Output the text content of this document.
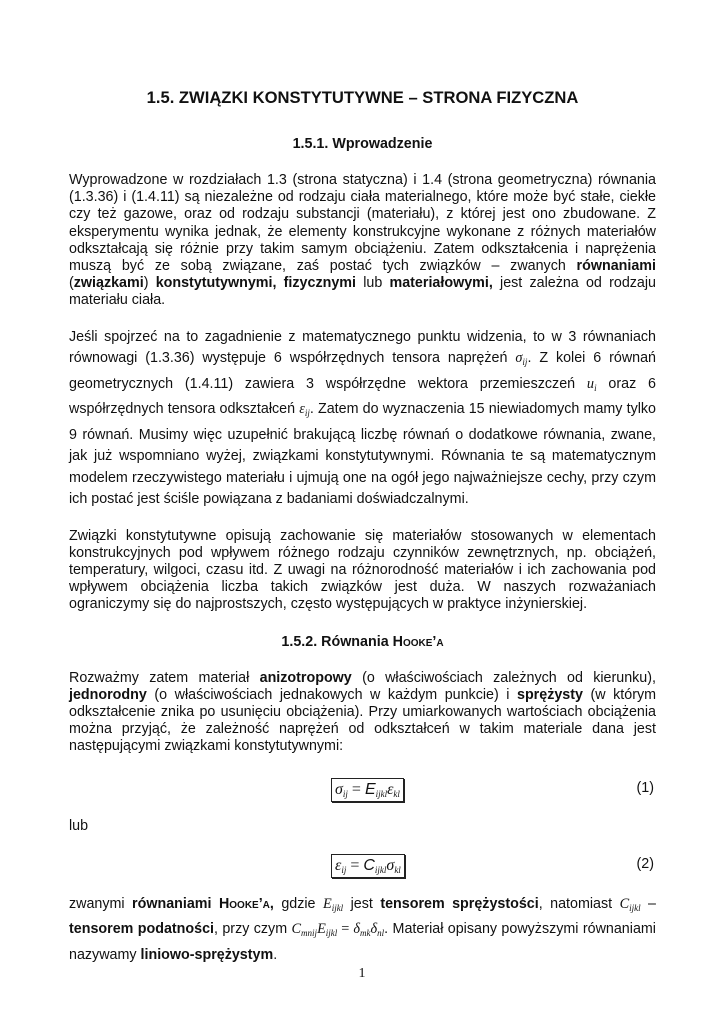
1.5. ZWIĄZKI KONSTYTUTYWNE – STRONA FIZYCZNA
1.5.1. Wprowadzenie

Wyprowadzone w rozdziałach 1.3 (strona statyczna) i 1.4 (strona geometryczna) równania (1.3.36) i (1.4.11) są niezależne od rodzaju ciała materialnego, które może być stałe, ciekłe czy też gazowe, oraz od rodzaju substancji (materiału), z której jest ono zbudowane. Z eksperymentu wynika jednak, że elementy konstrukcyjne wykonane z różnych materiałów odkształcają się różnie przy takim samym obciążeniu. Zatem odkształcenia i naprężenia muszą być ze sobą związane, zaś postać tych związków – zwanych równaniami (związkami) konstytutywnymi, fizycznymi lub materiałowymi, jest zależna od rodzaju materiału ciała.

Jeśli spojrzeć na to zagadnienie z matematycznego punktu widzenia, to w 3 równaniach równowagi (1.3.36) występuje 6 współrzędnych tensora naprężeń $\sigma_{ij}$. Z kolei 6 równań geometrycznych (1.4.11) zawiera 3 współrzędne wektora przemieszczeń $u_i$ oraz 6 współrzędnych tensora odkształceń $\varepsilon_{ij}$. Zatem do wyznaczenia 15 niewiadomych mamy tylko 9 równań. Musimy więc uzupełnić brakującą liczbę równań o dodatkowe równania, zwane, jak już wspomniano wyżej, związkami konstytutywnymi. Równania te są matematycznym modelem rzeczywistego materiału i ujmują one na ogół jego najważniejsze cechy, przy czym ich postać jest ściśle powiązana z badaniami doświadczalnymi.

Związki konstytutywne opisują zachowanie się materiałów stosowanych w elementach konstrukcyjnych pod wpływem różnego rodzaju czynników zewnętrznych, np. obciążeń, temperatury, wilgoci, czasu itd. Z uwagi na różnorodność materiałów i ich zachowania pod wpływem obciążenia liczba takich związków jest duża. W naszych rozważaniach ograniczymy się do najprostszych, często występujących w praktyce inżynierskiej.

1.5.2. Równania Hooke’a

Rozważmy zatem materiał anizotropowy (o właściwościach zależnych od kierunku), jednorodny (o właściwościach jednakowych w każdym punkcie) i sprężysty (w którym odkształcenie znika po usunięciu obciążenia). Przy umiarkowanych wartościach obciążenia można przyjąć, że zależność naprężeń od odkształceń w takim materiale dana jest następującymi związkami konstytutywnymi:

$\sigma_{ij} = E_{ijkl}\varepsilon_{kl}$	(1)
lub
$\varepsilon_{ij} = C_{ijkl}\sigma_{kl}$	(2)

zwanymi równaniami Hooke’a, gdzie $E_{ijkl}$ jest tensorem sprężystości, natomiast $C_{ijkl}$ – tensorem podatności, przy czym $C_{mnij}E_{ijkl} = \delta_{mk}\delta_{nl}$. Materiał opisany powyższymi równaniami nazywamy liniowo-sprężystym.

1
